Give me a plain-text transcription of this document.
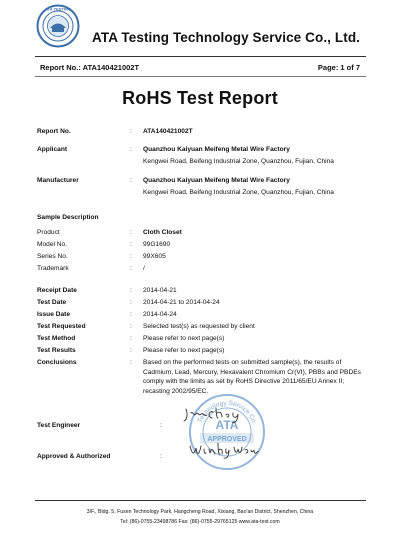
ATA TESTING
ATA Testing Technology Service Co., Ltd.
Report No.: ATA140421002T	Page: 1 of 7
RoHS Test Report
Report No.	: ATA140421002T
Applicant	: Quanzhou Kaiyuan Meifeng Metal Wire Factory
Kengwei Road, Beifeng Industrial Zone, Quanzhou, Fujian, China
Manufacturer	: Quanzhou Kaiyuan Meifeng Metal Wire Factory
Kengwei Road, Beifeng Industrial Zone, Quanzhou, Fujian, China
Sample Description
Product	: Cloth Closet
Model No.	: 99G1690
Series No.	: 99X605
Trademark	: /
Receipt Date	: 2014-04-21
Test Date	: 2014-04-21 to 2014-04-24
Issue Date	: 2014-04-24
Test Requested	: Selected test(s) as requested by client
Test Method	: Please refer to next page(s)
Test Results	: Please refer to next page(s)
Conclusions	: Based on the performed tests on submitted sample(s), the results of Cadmium, Lead, Mercury, Hexavalent Chromium Cr(VI), PBBs and PBDEs comply with the limits as set by RoHS Directive 2011/65/EU Annex II; recasting 2002/95/EC.
Test Engineer	:
Approved & Authorized	:
Technology Service Co
ATA
APPROVED
3/F., Bldg. 5, Fusen Technology Park, Hangcheng Road, Xixiang, Bao'an District, Shenzhen, China
Tel: (86)-0755-23498786 Fax: (86)-0755-29765125 www.ata-test.com
